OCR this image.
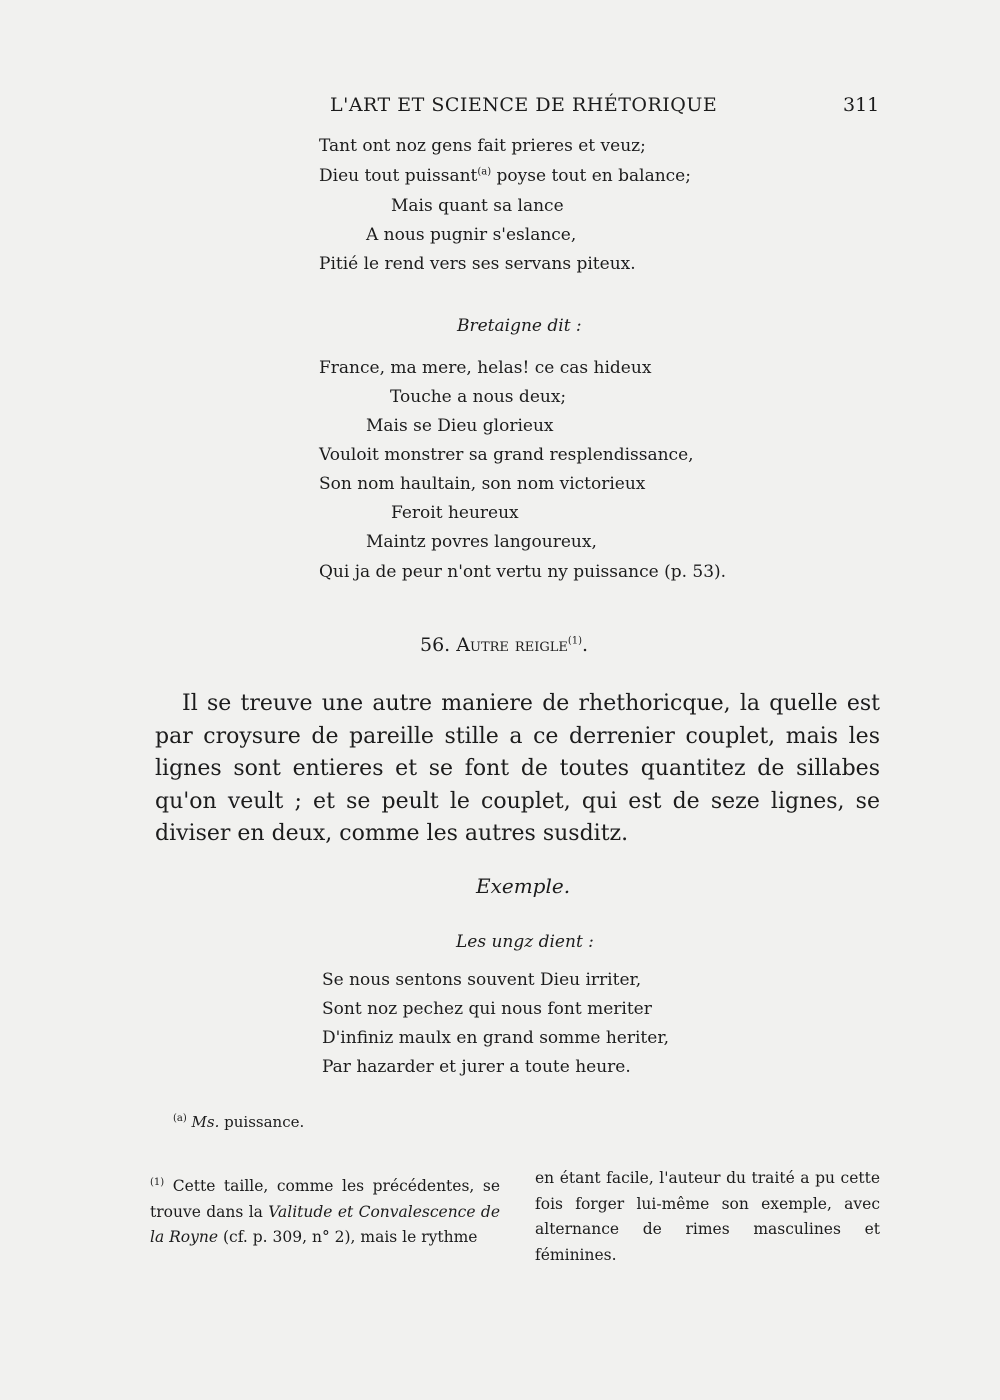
L'ART ET SCIENCE DE RHÉTORIQUE	311
Tant ont noz gens fait prieres et veuz;
Dieu tout puissant$^{(a)}$ poyse tout en balance;
Mais quant sa lance
A nous pugnir s'eslance,
Pitié le rend vers ses servans piteux.
Bretaigne dit :
France, ma mere, helas! ce cas hideux
Touche a nous deux;
Mais se Dieu glorieux
Vouloit monstrer sa grand resplendissance,
Son nom haultain, son nom victorieux
Feroit heureux
Maintz povres langoureux,
Qui ja de peur n'ont vertu ny puissance (p. 53).
56. Autre reigle$^{(1)}$.
Il se treuve une autre maniere de rhethoricque, la quelle est par croysure de pareille stille a ce derrenier couplet, mais les lignes sont entieres et se font de toutes quantitez de sillabes qu'on veult ; et se peult le couplet, qui est de seze lignes, se diviser en deux, comme les autres susditz.
Exemple.
Les ungz dient :
Se nous sentons souvent Dieu irriter,
Sont noz pechez qui nous font meriter
D'infiniz maulx en grand somme heriter,
Par hazarder et jurer a toute heure.
$^{(a)}$ Ms. puissance.
$^{(1)}$ Cette taille, comme les précédentes, se trouve dans la Valitude et Convalescence de la Royne (cf. p. 309, n° 2), mais le rythme
en étant facile, l'auteur du traité a pu cette fois forger lui-même son exemple, avec alternance de rimes masculines et féminines.
